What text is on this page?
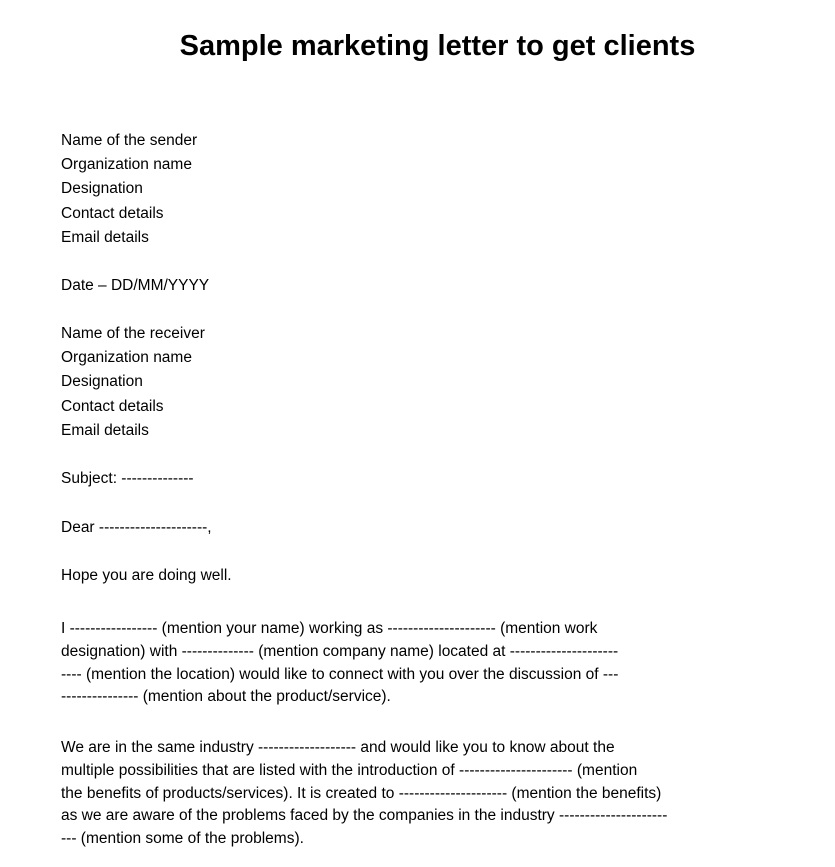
Sample marketing letter to get clients
Name of the sender
Organization name
Designation
Contact details
Email details
Date – DD/MM/YYYY
Name of the receiver
Organization name
Designation
Contact details
Email details
Subject: --------------
Dear ---------------------,
Hope you are doing well.
I ----------------- (mention your name) working as --------------------- (mention work
designation) with -------------- (mention company name) located at ---------------------
---- (mention the location) would like to connect with you over the discussion of ---
--------------- (mention about the product/service).
We are in the same industry ------------------- and would like you to know about the
multiple possibilities that are listed with the introduction of ---------------------- (mention
the benefits of products/services). It is created to --------------------- (mention the benefits)
as we are aware of the problems faced by the companies in the industry ---------------------
--- (mention some of the problems).
